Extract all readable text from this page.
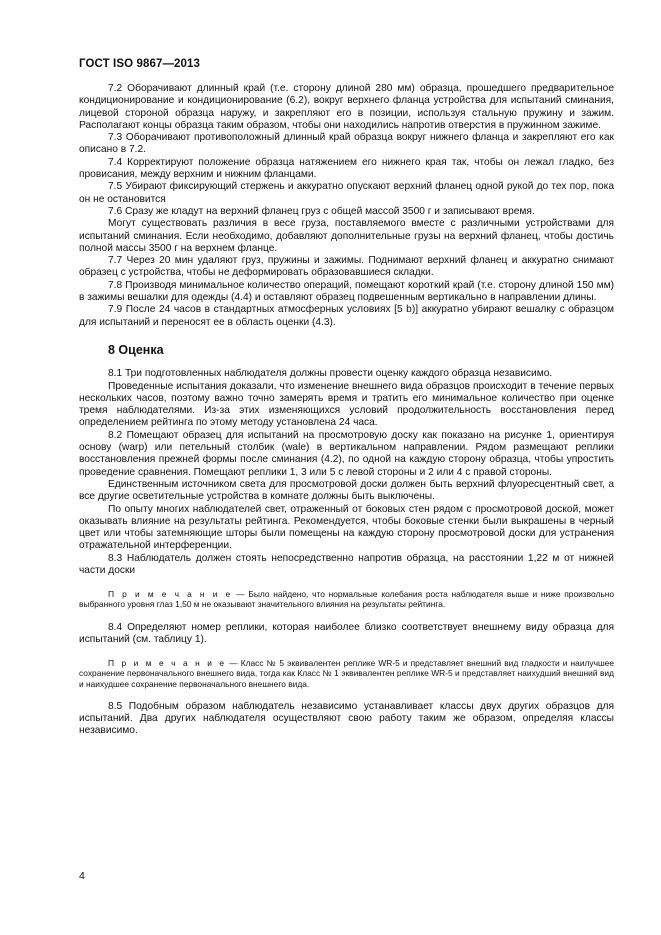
ГОСТ ISO 9867—2013

7.2 Оборачивают длинный край (т.е. сторону длиной 280 мм) образца, прошедшего предварительное кондиционирование и кондиционирование (6.2), вокруг верхнего фланца устройства для испытаний сминания, лицевой стороной образца наружу, и закрепляют его в позиции, используя стальную пружину и зажим. Располагают концы образца таким образом, чтобы они находились напротив отверстия в пружинном зажиме.

7.3 Оборачивают противоположный длинный край образца вокруг нижнего фланца и закрепляют его как описано в 7.2.

7.4 Корректируют положение образца натяжением его нижнего края так, чтобы он лежал гладко, без провисания, между верхним и нижним фланцами.

7.5 Убирают фиксирующий стержень и аккуратно опускают верхний фланец одной рукой до тех пор, пока он не остановится

7.6 Сразу же кладут на верхний фланец груз с общей массой 3500 г и записывают время.

Могут существовать различия в весе груза, поставляемого вместе с различными устройствами для испытаний сминания. Если необходимо, добавляют дополнительные грузы на верхний фланец, чтобы достичь полной массы 3500 г на верхнем фланце.

7.7 Через 20 мин удаляют груз, пружины и зажимы. Поднимают верхний фланец и аккуратно снимают образец с устройства, чтобы не деформировать образовавшиеся складки.

7.8 Производя минимальное количество операций, помещают короткий край (т.е. сторону длиной 150 мм) в зажимы вешалки для одежды (4.4) и оставляют образец подвешенным вертикально в направлении длины.

7.9 После 24 часов в стандартных атмосферных условиях [5 b)] аккуратно убирают вешалку с образцом для испытаний и переносят ее в область оценки (4.3).

8 Оценка

8.1 Три подготовленных наблюдателя должны провести оценку каждого образца независимо.

Проведенные испытания доказали, что изменение внешнего вида образцов происходит в течение первых нескольких часов, поэтому важно точно замерять время и тратить его минимальное количество при оценке тремя наблюдателями. Из-за этих изменяющихся условий продолжительность восстановления перед определением рейтинга по этому методу установлена 24 часа.

8.2 Помещают образец для испытаний на просмотровую доску как показано на рисунке 1, ориентируя основу (warp) или петельный столбик (wale) в вертикальном направлении. Рядом размещают реплики восстановления прежней формы после сминания (4.2), по одной на каждую сторону образца, чтобы упростить проведение сравнения. Помещают реплики 1, 3 или 5 с левой стороны и 2 или 4 с правой стороны.

Единственным источником света для просмотровой доски должен быть верхний флуоресцентный свет, а все другие осветительные устройства в комнате должны быть выключены.

По опыту многих наблюдателей свет, отраженный от боковых стен рядом с просмотровой доской, может оказывать влияние на результаты рейтинга. Рекомендуется, чтобы боковые стенки были выкрашены в черный цвет или чтобы затемняющие шторы были помещены на каждую сторону просмотровой доски для устранения отражательной интерференции.

8.3 Наблюдатель должен стоять непосредственно напротив образца, на расстоянии 1,22 м от нижней части доски

П р и м е ч а н и е — Было найдено, что нормальные колебания роста наблюдателя выше и ниже произвольно выбранного уровня глаз 1,50 м не оказывают значительного влияния на результаты рейтинга.

8.4 Определяют номер реплики, которая наиболее близко соответствует внешнему виду образца для испытаний (см. таблицу 1).

П р и м е ч а н и е — Класс № 5 эквивалентен реплике WR-5 и представляет внешний вид гладкости и наилучшее сохранение первоначального внешнего вида, тогда как Класс № 1 эквивалентен реплике WR-5 и представляет наихудший внешний вид и наихудшее сохранение первоначального внешнего вида.

8.5 Подобным образом наблюдатель независимо устанавливает классы двух других образцов для испытаний. Два других наблюдателя осуществляют свою работу таким же образом, определяя классы независимо.

4
